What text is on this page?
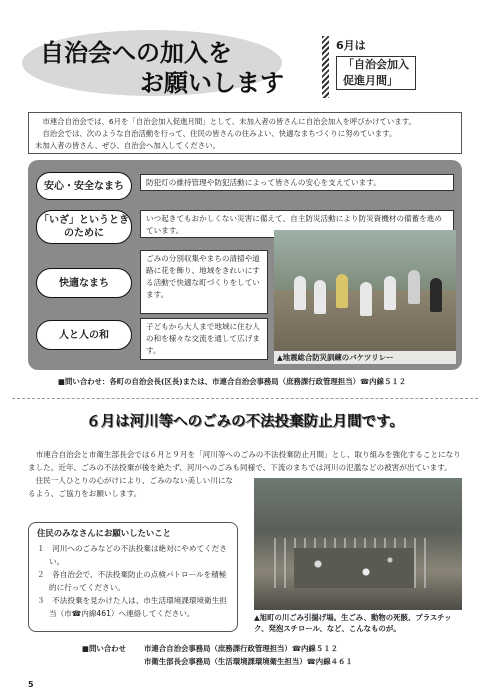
自治会への加入を
お願いします
6月は
「自治会加入
促進月間」

市連合自治会では、6月を「自治会加入促進月間」として、未加入者の皆さんに自治会加入を呼びかけています。

自治会では、次のような自治活動を行って、住民の皆さんの住みよい、快適なまちづくりに努めています。

未加入者の皆さん、ぜひ、自治会へ加入してください。

安心・安全なまち	防犯灯の維持管理や防犯活動によって皆さんの安心を支えています。
「いざ」というときのために
いつ起きてもおかしくない災害に備えて、自主防災活動により防災資機材の備蓄を進めています。
快適なまち
ごみの分別収集やまちの清掃や道路に花を飾り、地域をきれいにする活動で快適な町づくりをしています。
人と人の和
子どもから大人まで地域に住む人の和を様々な交流を通して広げます。
▲地震総合防災訓練のバケツリレー
■問い合わせ：各町の自治会長(区長)または、市連合自治会事務局（庶務課行政管理担当）☎内線５１２
６月は河川等へのごみの不法投棄防止月間です。

市連合自治会と市衛生部長会では６月と９月を「河川等へのごみの不法投棄防止月間」とし、取り組みを強化することになりました。近年、ごみの不法投棄が後を絶たず、河川へのごみも同様で、下流のまちでは河川の氾濫などの被害が出ています。

住民一人ひとりの心がけにより、ごみのない美しい川になるよう、ご協力をお願いします。

住民のみなさんにお願いしたいこと
１　河川へのごみなどの不法投棄は絶対にやめてください。
２　各自治会で、不法投棄防止の点検パトロールを積極的に行ってください。
３　不法投棄を見かけた人は、市生活環境課環境衛生担当（市☎内線461）へ連絡してください。	▲旭町の川ごみ引揚げ場。生ごみ、動物の死骸、プラスチック、発泡スチロール、など、こんなものが。
■問い合わせ	市連合自治会事務局（庶務課行政管理担当）☎内線５１２
市衛生部長会事務局（生活環境課環境衛生担当）☎内線４６１
5
